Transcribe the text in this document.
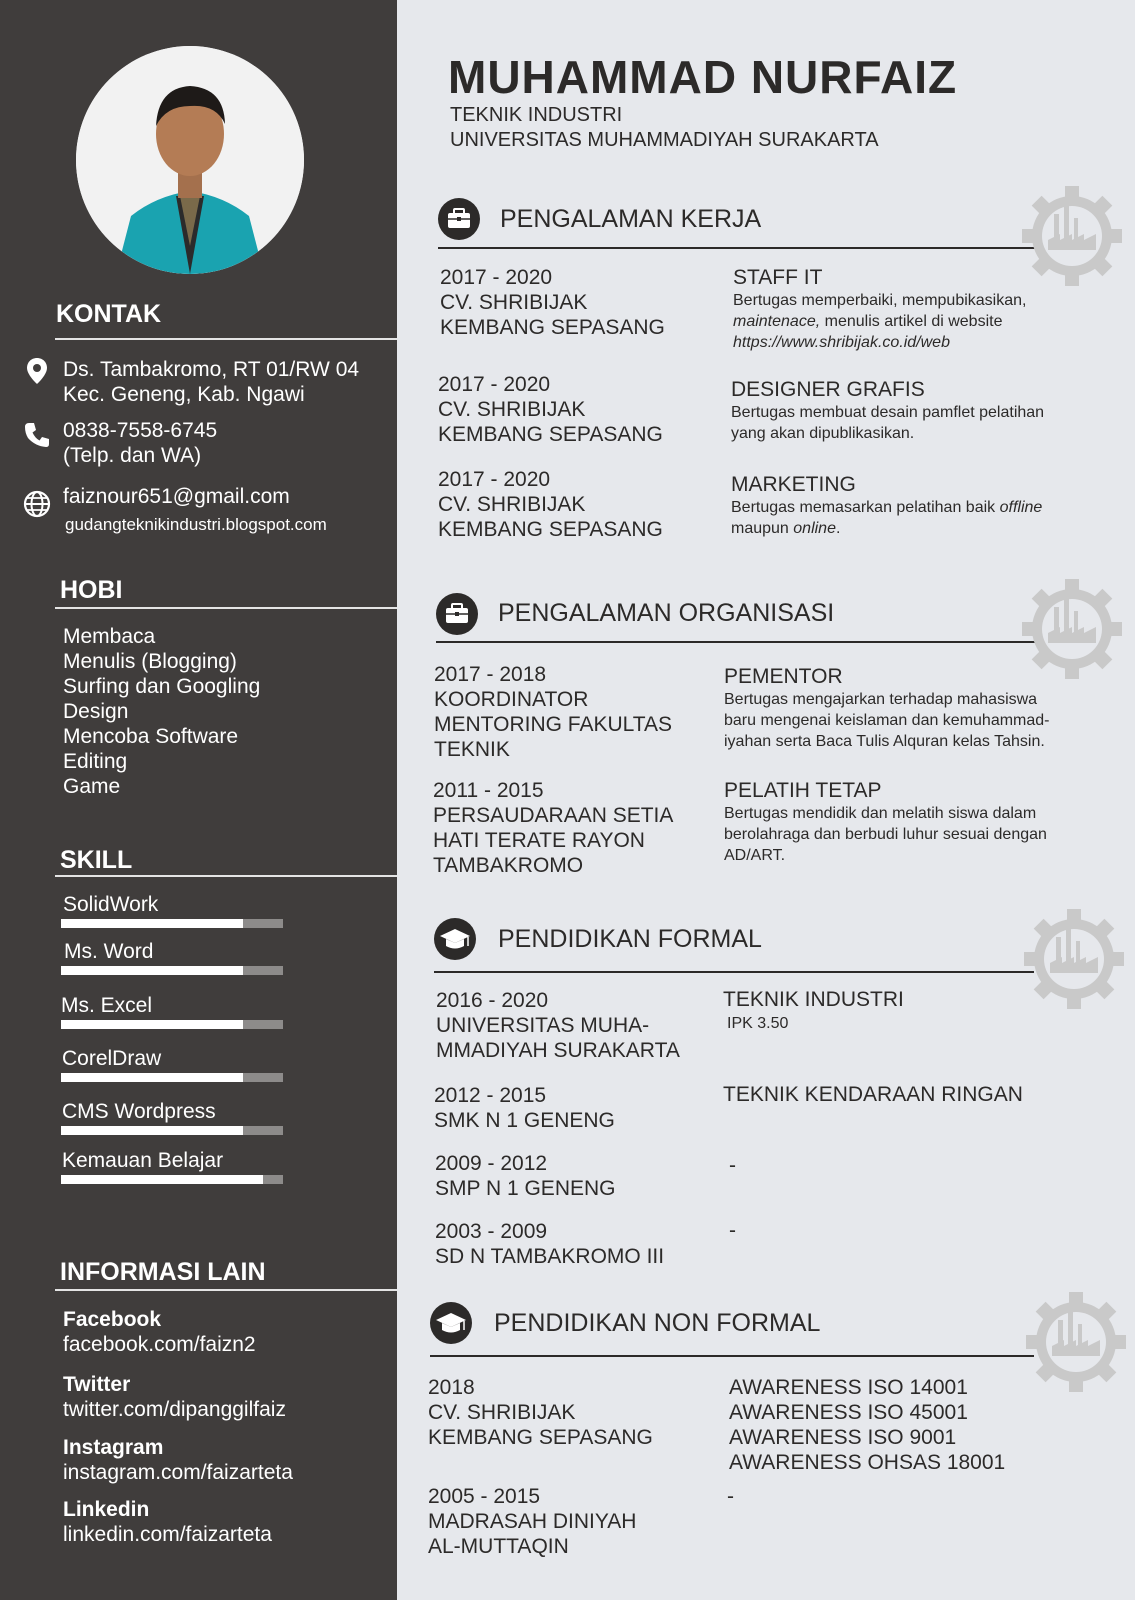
KONTAK
Ds. Tambakromo, RT 01/RW 04
Kec. Geneng, Kab. Ngawi
0838-7558-6745
(Telp. dan WA)
faiznour651@gmail.com
gudangteknikindustri.blogspot.com
HOBI
Membaca
Menulis (Blogging)
Surfing dan Googling
Design
Mencoba Software
Editing
Game
SKILL
SolidWork
Ms. Word
Ms. Excel
CorelDraw
CMS Wordpress
Kemauan Belajar
INFORMASI LAIN
Facebook
facebook.com/faizn2
Twitter
twitter.com/dipanggilfaiz
Instagram
instagram.com/faizarteta
Linkedin
linkedin.com/faizarteta
MUHAMMAD NURFAIZ
TEKNIK INDUSTRI
UNIVERSITAS MUHAMMADIYAH SURAKARTA
PENGALAMAN KERJA
2017 - 2020
CV. SHRIBIJAK
KEMBANG SEPASANG
STAFF IT
Bertugas memperbaiki, mempubikasikan,
maintenace, menulis artikel di website
https://www.shribijak.co.id/web
2017 - 2020
CV. SHRIBIJAK
KEMBANG SEPASANG
DESIGNER GRAFIS
Bertugas membuat desain pamflet pelatihan
yang akan dipublikasikan.
2017 - 2020
CV. SHRIBIJAK
KEMBANG SEPASANG
MARKETING
Bertugas memasarkan pelatihan baik offline
maupun online.
PENGALAMAN ORGANISASI
2017 - 2018
KOORDINATOR
MENTORING FAKULTAS
TEKNIK
PEMENTOR
Bertugas mengajarkan terhadap mahasiswa
baru mengenai keislaman dan kemuhammad-
iyahan serta Baca Tulis Alquran kelas Tahsin.
2011 - 2015
PERSAUDARAAN SETIA
HATI TERATE RAYON
TAMBAKROMO
PELATIH TETAP
Bertugas mendidik dan melatih siswa dalam
berolahraga dan berbudi luhur sesuai dengan
AD/ART.
PENDIDIKAN FORMAL
2016 - 2020
UNIVERSITAS MUHA-
MMADIYAH SURAKARTA
TEKNIK INDUSTRI
IPK 3.50
2012 - 2015
SMK N 1 GENENG
TEKNIK KENDARAAN RINGAN
2009 - 2012
SMP N 1 GENENG
-
2003 - 2009
SD N TAMBAKROMO III
-
PENDIDIKAN NON FORMAL
2018
CV. SHRIBIJAK
KEMBANG SEPASANG
AWARENESS ISO 14001
AWARENESS ISO 45001
AWARENESS ISO 9001
AWARENESS OHSAS 18001
2005 - 2015
MADRASAH DINIYAH
AL-MUTTAQIN
-
